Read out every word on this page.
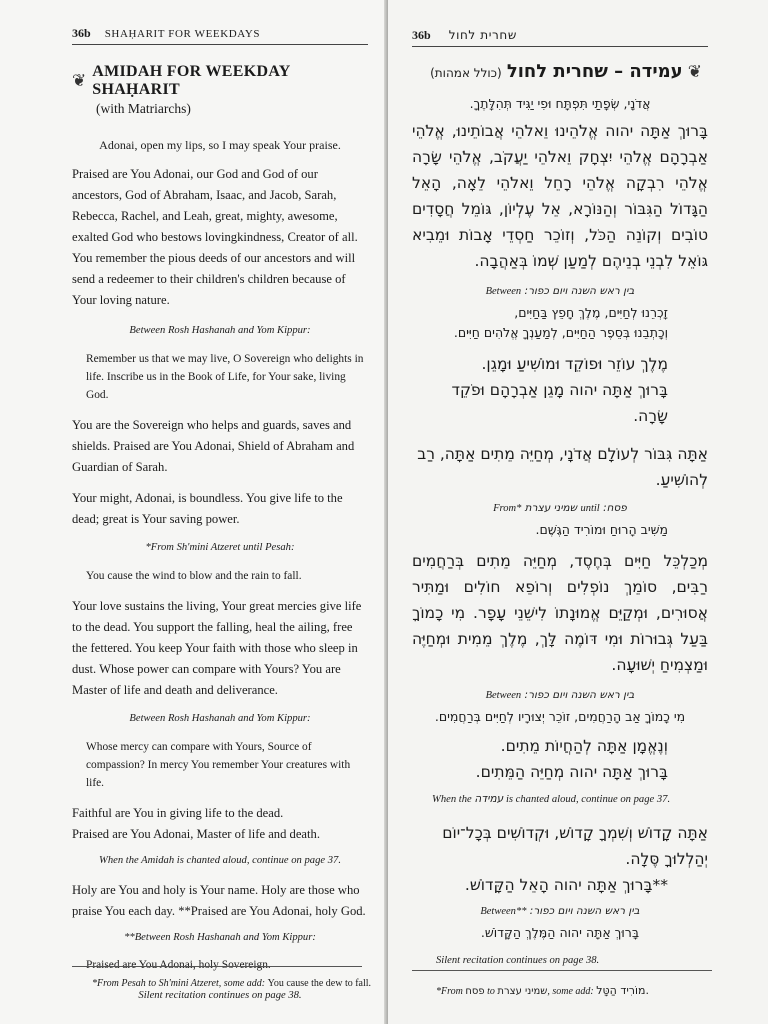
36b SHAḤARIT FOR WEEKDAYS
❦ AMIDAH FOR WEEKDAY SHAḤARIT
(with Matriarchs)

Adonai, open my lips, so I may speak Your praise.

Praised are You Adonai, our God and God of our ancestors, God of Abraham, Isaac, and Jacob, Sarah, Rebecca, Rachel, and Leah, great, mighty, awesome, exalted God who bestows lovingkindness, Creator of all. You remember the pious deeds of our ancestors and will send a redeemer to their children's children because of Your loving nature.

Between Rosh Hashanah and Yom Kippur:

Remember us that we may live, O Sovereign who delights in life. Inscribe us in the Book of Life, for Your sake, living God.

You are the Sovereign who helps and guards, saves and shields. Praised are You Adonai, Shield of Abraham and Guardian of Sarah.

Your might, Adonai, is boundless. You give life to the dead; great is Your saving power.

*From Sh'mini Atzeret until Pesah:

You cause the wind to blow and the rain to fall.

Your love sustains the living, Your great mercies give life to the dead. You support the falling, heal the ailing, free the fettered. You keep Your faith with those who sleep in dust. Whose power can compare with Yours? You are Master of life and death and deliverance.

Between Rosh Hashanah and Yom Kippur:

Whose mercy can compare with Yours, Source of compassion? In mercy You remember Your creatures with life.

Faithful are You in giving life to the dead.

Praised are You Adonai, Master of life and death.

When the Amidah is chanted aloud, continue on page 37.

Holy are You and holy is Your name. Holy are those who praise You each day. **Praised are You Adonai, holy God.

**Between Rosh Hashanah and Yom Kippur:

Silent recitation continues on page 38.

*From Pesah to Sh'mini Atzeret, some add: You cause the dew to fall.
שחרית לחול
36b
❦ עמידה – שחרית לחול (כולל אמהות)

אֲדֹנָי, שְׂפָתַי תִּפְתָּח וּפִי יַגִּיד תְּהִלָּתֶךָ.

בָּרוּךְ אַתָּה יהוה אֱלֹהֵינוּ וֵאלֹהֵי אֲבוֹתֵינוּ, אֱלֹהֵי אַבְרָהָם אֱלֹהֵי יִצְחָק וֵאלֹהֵי יַעֲקֹב, אֱלֹהֵי שָׂרָה אֱלֹהֵי רִבְקָה אֱלֹהֵי רָחֵל וֵאלֹהֵי לֵאָה, הָאֵל הַגָּדוֹל הַגִּבּוֹר וְהַנּוֹרָא, אֵל עֶלְיוֹן, גּוֹמֵל חֲסָדִים טוֹבִים וְקוֹנֵה הַכֹּל, וְזוֹכֵר חַסְדֵי אָבוֹת וּמֵבִיא גּוֹאֵל לִבְנֵי בְנֵיהֶם לְמַעַן שְׁמוֹ בְּאַהֲבָה.

בין ראש השנה ויום כפור: Between

זָכְרֵנוּ לְחַיִּים, מֶלֶךְ חָפֵץ בַּחַיִּים,

וְכָתְבֵנוּ בְּסֵפֶר הַחַיִּים, לְמַעַנְךָ אֱלֹהִים חַיִּים.

מֶלֶךְ עוֹזֵר וּפוֹקֵד וּמוֹשִׁיעַ וּמָגֵן.

בָּרוּךְ אַתָּה יהוה מָגֵן אַבְרָהָם וּפֹקֵד שָׂרָה.

אַתָּה גִּבּוֹר לְעוֹלָם אֲדֹנָי, מְחַיֵּה מֵתִים אַתָּה, רַב לְהוֹשִׁיעַ.

פסח: until שמיני עצרת *From

מַשִּׁיב הָרוּחַ וּמוֹרִיד הַגֶּשֶׁם.

מְכַלְכֵּל חַיִּים בְּחֶסֶד, מְחַיֵּה מֵתִים בְּרַחֲמִים רַבִּים, סוֹמֵךְ נוֹפְלִים וְרוֹפֵא חוֹלִים וּמַתִּיר אֲסוּרִים, וּמְקַיֵּם אֱמוּנָתוֹ לִישֵׁנֵי עָפָר. מִי כָמוֹךָ בַּעַל גְּבוּרוֹת וּמִי דּוֹמֶה לָּךְ, מֶלֶךְ מֵמִית וּמְחַיֶּה וּמַצְמִיחַ יְשׁוּעָה.

בין ראש השנה ויום כפור: Between

מִי כָמוֹךָ אַב הָרַחֲמִים, זוֹכֵר יְצוּרָיו לְחַיִּים בְּרַחֲמִים.

וְנֶאֱמָן אַתָּה לְהַחֲיוֹת מֵתִים.

בָּרוּךְ אַתָּה יהוה מְחַיֵּה הַמֵּתִים.

When the עמידה is chanted aloud, continue on page 37.

אַתָּה קָדוֹשׁ וְשִׁמְךָ קָדוֹשׁ, וּקְדוֹשִׁים בְּכָל־יוֹם יְהַלְלוּךָ סֶּלָה.

**בָּרוּךְ אַתָּה יהוה הָאֵל הַקָּדוֹשׁ.

בין ראש השנה ויום כפור: **Between

בָּרוּךְ אַתָּה יהוה הַמֶּלֶךְ הַקָּדוֹשׁ.

Silent recitation continues on page 38.
*From פסח to שמיני עצרת, some add: מוֹרִיד הַטָּל.
